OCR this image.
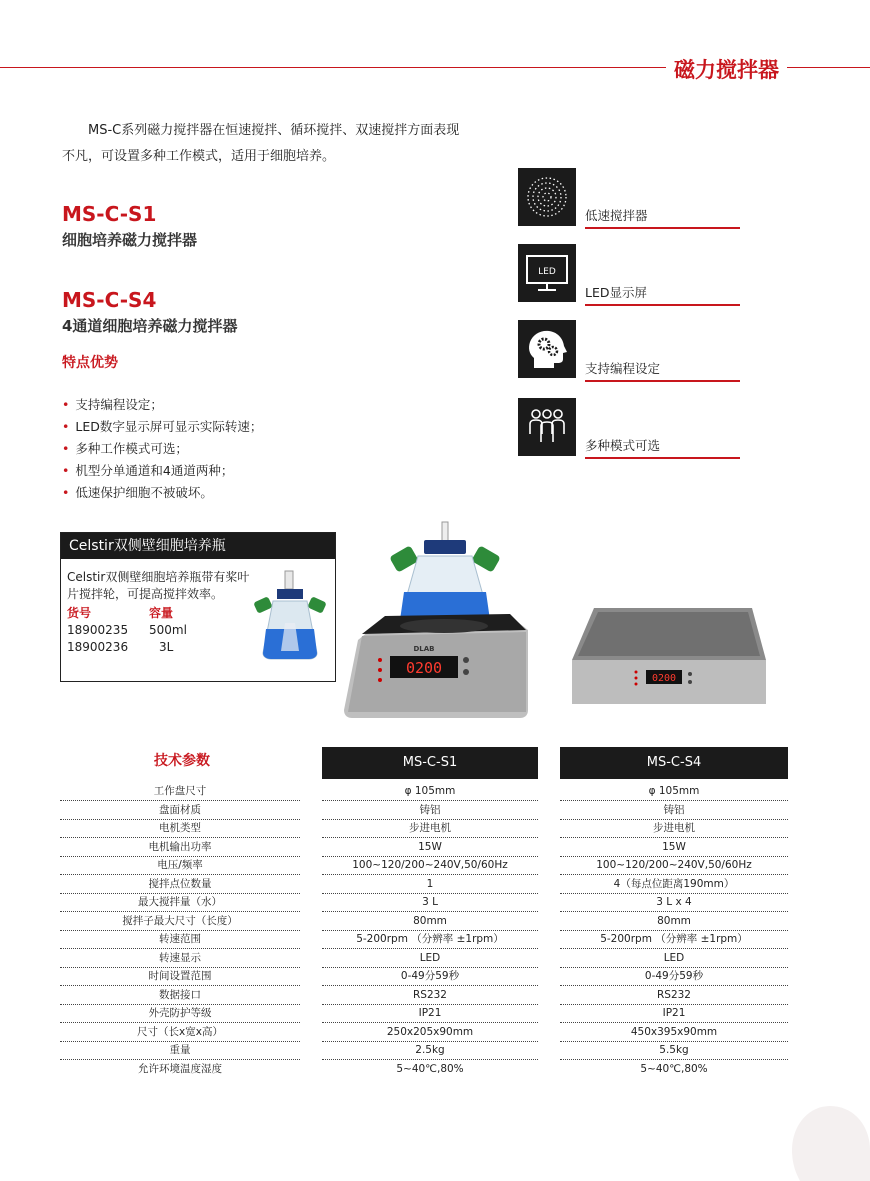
磁力搅拌器
MS-C系列磁力搅拌器在恒速搅拌、循环搅拌、双速搅拌方面表现不凡，可设置多种工作模式，适用于细胞培养。
MS-C-S1
细胞培养磁力搅拌器
MS-C-S4
4通道细胞培养磁力搅拌器
特点优势
• 支持编程设定；
• LED数字显示屏可显示实际转速；
• 多种工作模式可选；
• 机型分单通道和4通道两种；
• 低速保护细胞不被破坏。
低速搅拌器
LED
LED显示屏
支持编程设定
多种模式可选
Celstir双侧壁细胞培养瓶
Celstir双侧壁细胞培养瓶带有桨叶片搅拌轮，可提高搅拌效率。
货号	容量
18900235	500ml
18900236	3L
0200
DLAB
0200
技术参数	MS-C-S1	MS-C-S4
工作盘尺寸	φ 105mm	φ 105mm
盘面材质	铸铝	铸铝
电机类型	步进电机	步进电机
电机输出功率	15W	15W
电压/频率	100~120/200~240V,50/60Hz	100~120/200~240V,50/60Hz
搅拌点位数量	1	4（每点位距离190mm）
最大搅拌量（水）	3 L	3 L x 4
搅拌子最大尺寸（长度）	80mm	80mm
转速范围	5-200rpm （分辨率 ±1rpm）	5-200rpm （分辨率 ±1rpm）
转速显示	LED	LED
时间设置范围	0-49分59秒	0-49分59秒
数据接口	RS232	RS232
外壳防护等级	IP21	IP21
尺寸（长x宽x高）	250x205x90mm	450x395x90mm
重量	2.5kg	5.5kg
允许环境温度湿度	5~40℃,80%	5~40℃,80%
